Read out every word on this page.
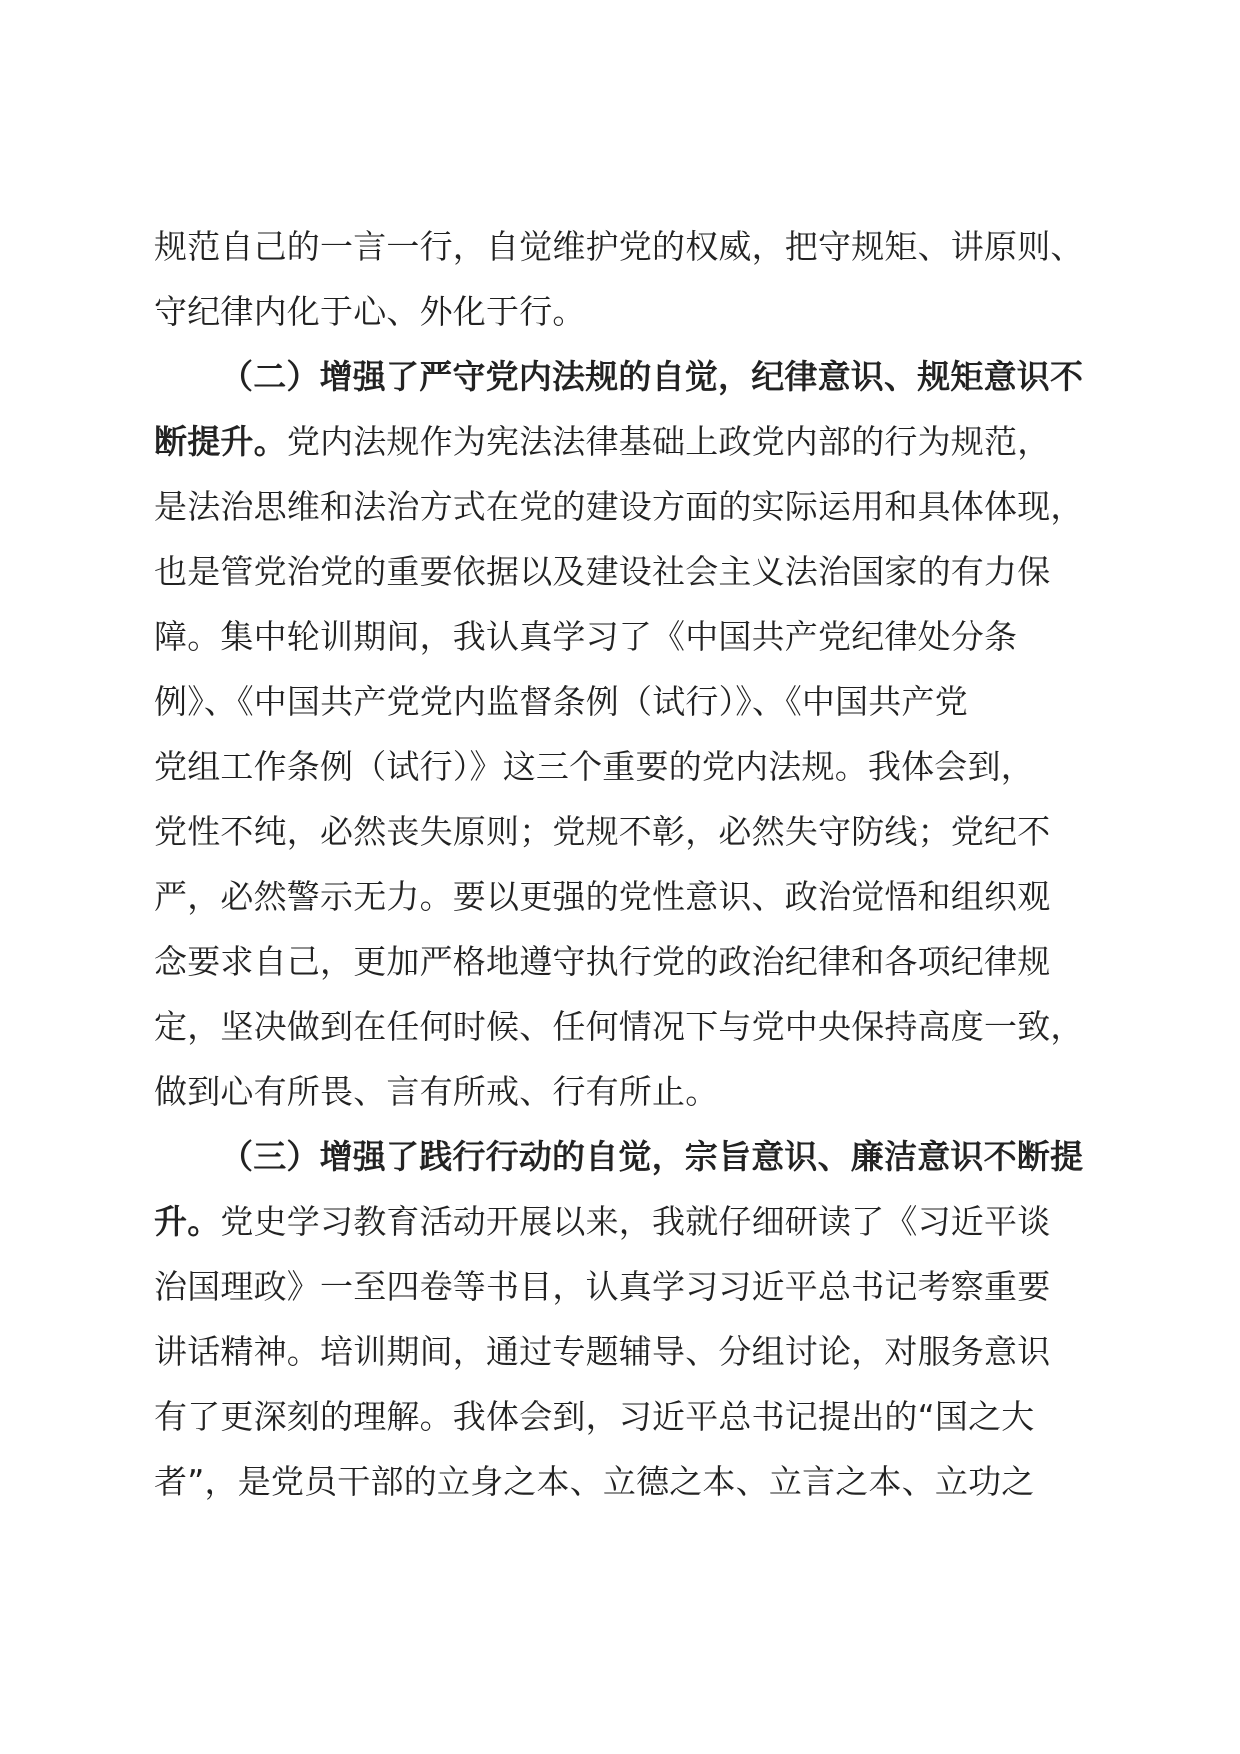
规范自己的一言一行，自觉维护党的权威，把守规矩、讲原则、
守纪律内化于心、外化于行。
（二）增强了严守党内法规的自觉，纪律意识、规矩意识不
断提升。党内法规作为宪法法律基础上政党内部的行为规范，
是法治思维和法治方式在党的建设方面的实际运用和具体体现，
也是管党治党的重要依据以及建设社会主义法治国家的有力保
障。集中轮训期间，我认真学习了《中国共产党纪律处分条
例》、《中国共产党党内监督条例（试行）》、《中国共产党
党组工作条例（试行）》这三个重要的党内法规。我体会到，
党性不纯，必然丧失原则；党规不彰，必然失守防线；党纪不
严，必然警示无力。要以更强的党性意识、政治觉悟和组织观
念要求自己，更加严格地遵守执行党的政治纪律和各项纪律规
定，坚决做到在任何时候、任何情况下与党中央保持高度一致，
做到心有所畏、言有所戒、行有所止。
（三）增强了践行行动的自觉，宗旨意识、廉洁意识不断提
升。党史学习教育活动开展以来，我就仔细研读了《习近平谈
治国理政》一至四卷等书目，认真学习习近平总书记考察重要
讲话精神。培训期间，通过专题辅导、分组讨论，对服务意识
有了更深刻的理解。我体会到，习近平总书记提出的“国之大
者”，是党员干部的立身之本、立德之本、立言之本、立功之
